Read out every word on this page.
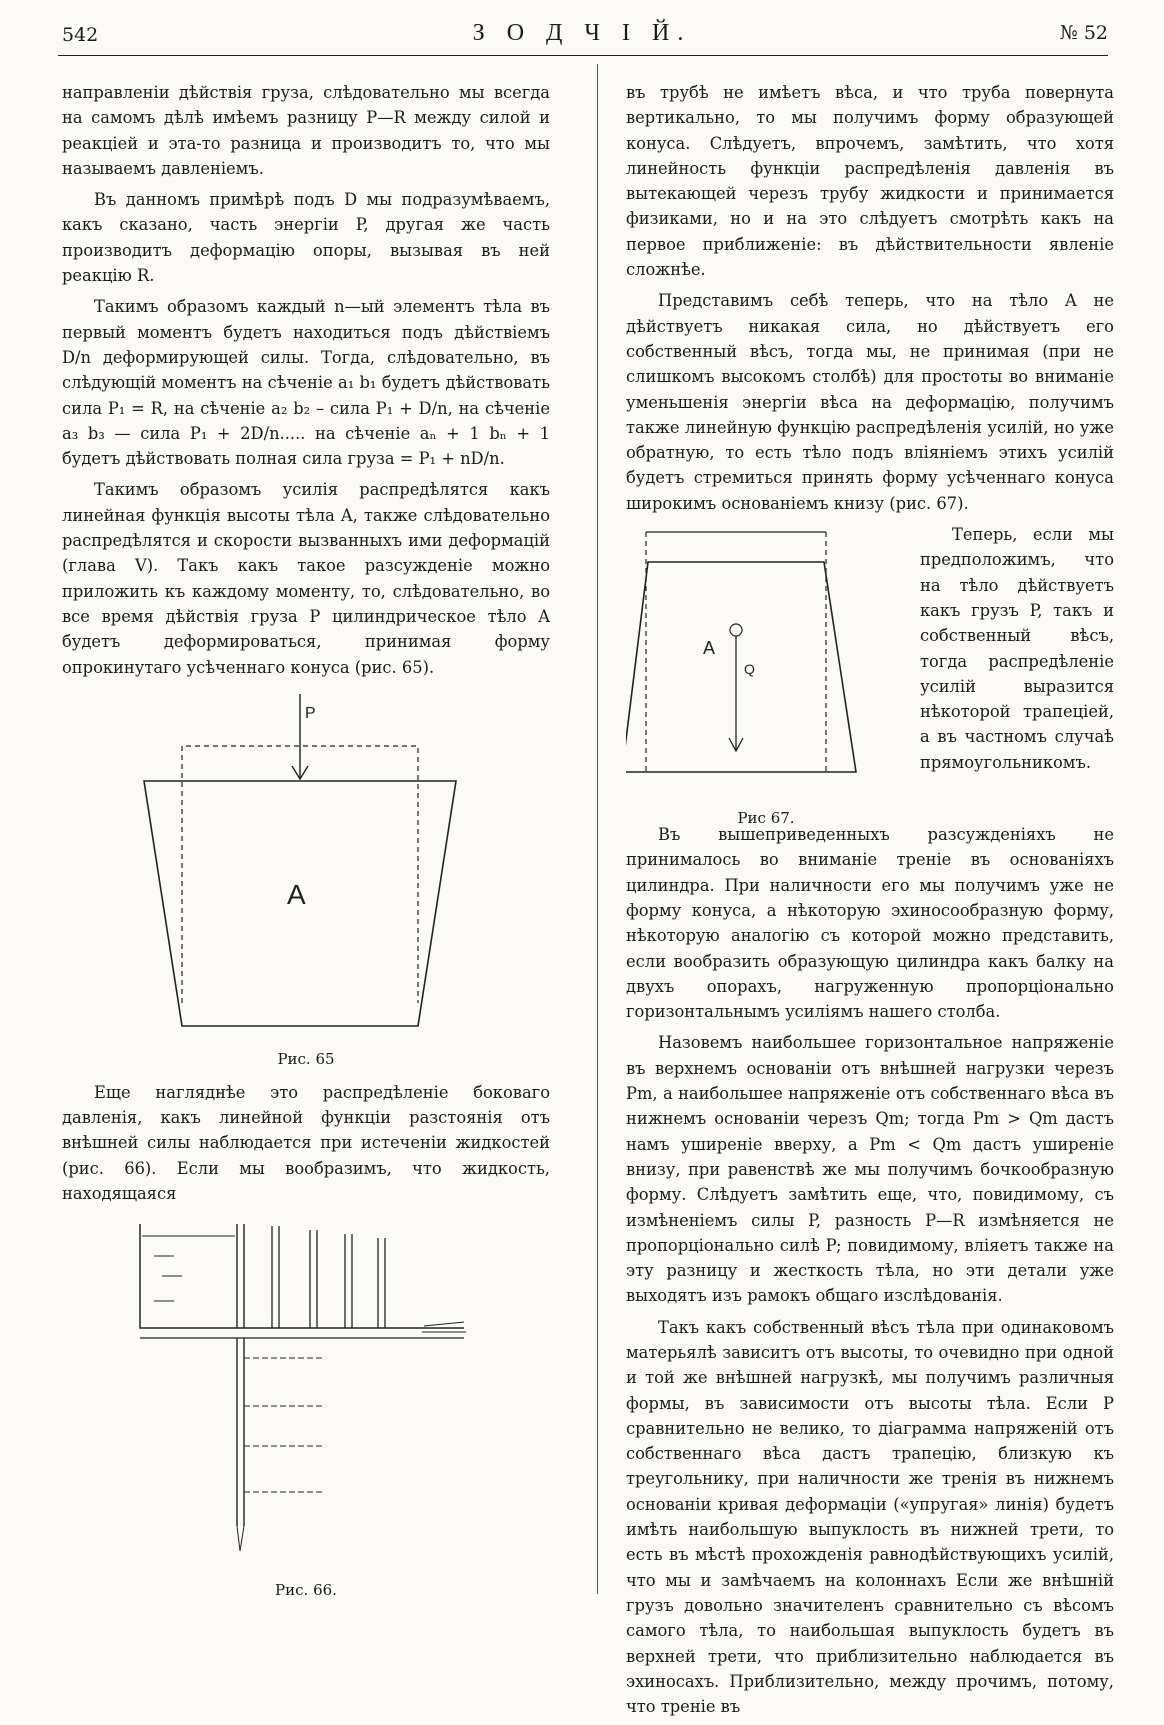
542	З О Д Ч І Й.	№ 52

направленіи дѣйствія груза, слѣдовательно мы всегда на самомъ дѣлѣ имѣемъ разницу P—R между силой и реакціей и эта-то разница и производитъ то, что мы называемъ давленіемъ.

Въ данномъ примѣрѣ подъ D мы подразумѣваемъ, какъ сказано, часть энергіи P, другая же часть производитъ деформацію опоры, вызывая въ ней реакцію R.

Такимъ образомъ каждый n—ый элементъ тѣла въ первый моментъ будетъ находиться подъ дѣйствіемъ D/n деформирующей силы. Тогда, слѣдовательно, въ слѣдующій моментъ на сѣченіе a₁ b₁ будетъ дѣйствовать сила P₁ = R, на сѣченіе a₂ b₂ – сила P₁ + D/n, на сѣченіе a₃ b₃ — сила P₁ + 2D/n..... на сѣченіе aₙ + 1 bₙ + 1 будетъ дѣйствовать полная сила груза = P₁ + nD/n.

Такимъ образомъ усилія распредѣлятся какъ линейная функція высоты тѣла A, также слѣдовательно распредѣлятся и скорости вызванныхъ ими деформацій (глава V). Такъ какъ такое разсужденіе можно приложить къ каждому моменту, то, слѣдовательно, во все время дѣйствія груза P цилиндрическое тѣло A будетъ деформироваться, принимая форму опрокинутаго усѣченнаго конуса (рис. 65).

P
A
Рис. 65

Еще нагляднѣе это распредѣленіе боковаго давленія, какъ линейной функціи разстоянія отъ внѣшней силы наблюдается при истеченіи жидкостей (рис. 66). Если мы вообразимъ, что жидкость, находящаяся

Рис. 66.

въ трубѣ не имѣетъ вѣса, и что труба повернута вертикально, то мы получимъ форму образующей конуса. Слѣдуетъ, впрочемъ, замѣтить, что хотя линейность функціи распредѣленія давленія въ вытекающей черезъ трубу жидкости и принимается физиками, но и на это слѣдуетъ смотрѣть какъ на первое приближеніе: въ дѣйствительности явленіе сложнѣе.

Представимъ себѣ теперь, что на тѣло A не дѣйствуетъ никакая сила, но дѣйствуетъ его собственный вѣсъ, тогда мы, не принимая (при не слишкомъ высокомъ столбѣ) для простоты во вниманіе уменьшенія энергіи вѣса на деформацію, получимъ также линейную функцію распредѣленія усилій, но уже обратную, то есть тѣло подъ вліяніемъ этихъ усилій будетъ стремиться принять форму усѣченнаго конуса широкимъ основаніемъ книзу (рис. 67).

A
Q
Рис 67.

Теперь, если мы предположимъ, что на тѣло дѣйствуетъ какъ грузъ P, такъ и собственный вѣсъ, тогда распредѣленіе усилій выразится нѣкоторой трапеціей, а въ частномъ случаѣ прямоугольникомъ.

Въ вышеприведенныхъ разсужденіяхъ не принималось во вниманіе треніе въ основаніяхъ цилиндра. При наличности его мы получимъ уже не форму конуса, а нѣкоторую эхиносообразную форму, нѣкоторую аналогію съ которой можно представить, если вообразить образующую цилиндра какъ балку на двухъ опорахъ, нагруженную пропорціонально горизонтальнымъ усиліямъ нашего столба.

Назовемъ наибольшее горизонтальное напряженіе въ верхнемъ основаніи отъ внѣшней нагрузки черезъ Pm, а наибольшее напряженіе отъ собственнаго вѣса въ нижнемъ основаніи черезъ Qm; тогда Pm > Qm дастъ намъ уширеніе вверху, а Pm < Qm дастъ уширеніе внизу, при равенствѣ же мы получимъ бочкообразную форму. Слѣдуетъ замѣтить еще, что, повидимому, съ измѣненіемъ силы P, разность P—R измѣняется не пропорціонально силѣ P; повидимому, вліяетъ также на эту разницу и жесткость тѣла, но эти детали уже выходятъ изъ рамокъ общаго изслѣдованія.

Такъ какъ собственный вѣсъ тѣла при одинаковомъ матерьялѣ зависитъ отъ высоты, то очевидно при одной и той же внѣшней нагрузкѣ, мы получимъ различныя формы, въ зависимости отъ высоты тѣла. Если P сравнительно не велико, то діаграмма напряженій отъ собственнаго вѣса дастъ трапецію, близкую къ треугольнику, при наличности же тренія въ нижнемъ основаніи кривая деформаціи («упругая» линія) будетъ имѣть наибольшую выпуклость въ нижней трети, то есть въ мѣстѣ прохожденія равнодѣйствующихъ усилій, что мы и замѣчаемъ на колоннахъ Если же внѣшній грузъ довольно значителенъ сравнительно съ вѣсомъ самого тѣла, то наибольшая выпуклость будетъ въ верхней трети, что приблизительно наблюдается въ эхиносахъ. Приблизительно, между прочимъ, потому, что треніе въ
